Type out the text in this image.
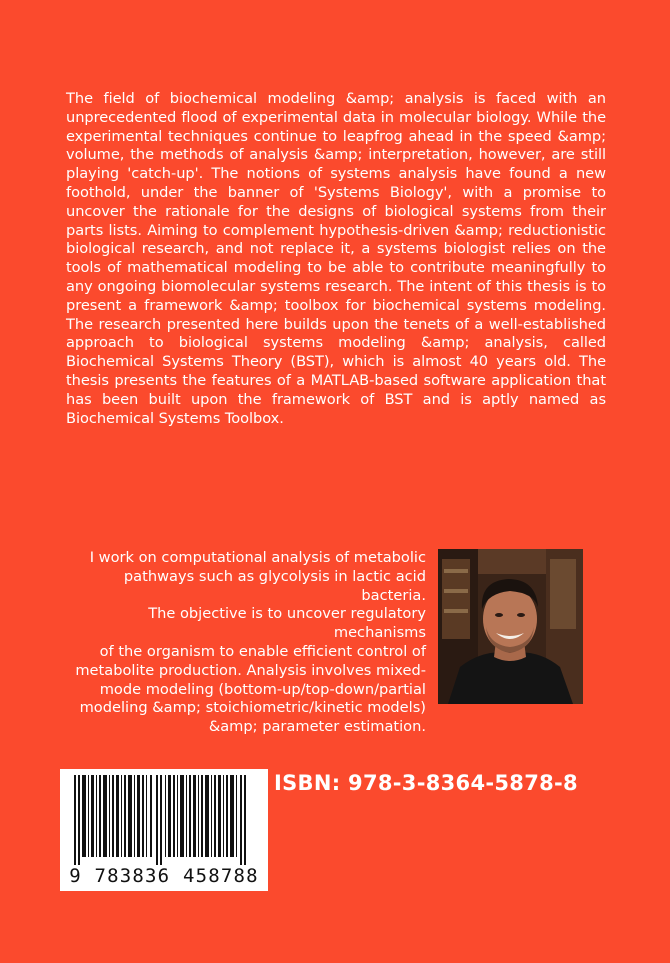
The field of biochemical modeling &amp; analysis is faced with an unprecedented flood of experimental data in molecular biology. While the experimental techniques continue to leapfrog ahead in the speed &amp; volume, the methods of analysis &amp; interpretation, however, are still playing 'catch-up'. The notions of systems analysis have found a new foothold, under the banner of 'Systems Biology', with a promise to uncover the rationale for the designs of biological systems from their parts lists. Aiming to complement hypothesis-driven &amp; reductionistic biological research, and not replace it, a systems biologist relies on the tools of mathematical modeling to be able to contribute meaningfully to any ongoing biomolecular systems research. The intent of this thesis is to present a framework &amp; toolbox for biochemical systems modeling. The research presented here builds upon the tenets of a well-established approach to biological systems modeling &amp; analysis, called Biochemical Systems Theory (BST), which is almost 40 years old. The thesis presents the features of a MATLAB-based software application that has been built upon the framework of BST and is aptly named as Biochemical Systems Toolbox.

I work on computational analysis of metabolic
pathways such as glycolysis in lactic acid bacteria.
The objective is to uncover regulatory mechanisms
of the organism to enable efficient control of
metabolite production. Analysis involves mixed-
mode modeling (bottom-up/top-down/partial
modeling &amp; stoichiometric/kinetic models)
&amp; parameter estimation.

9 783836 458788

ISBN: 978-3-8364-5878-8
